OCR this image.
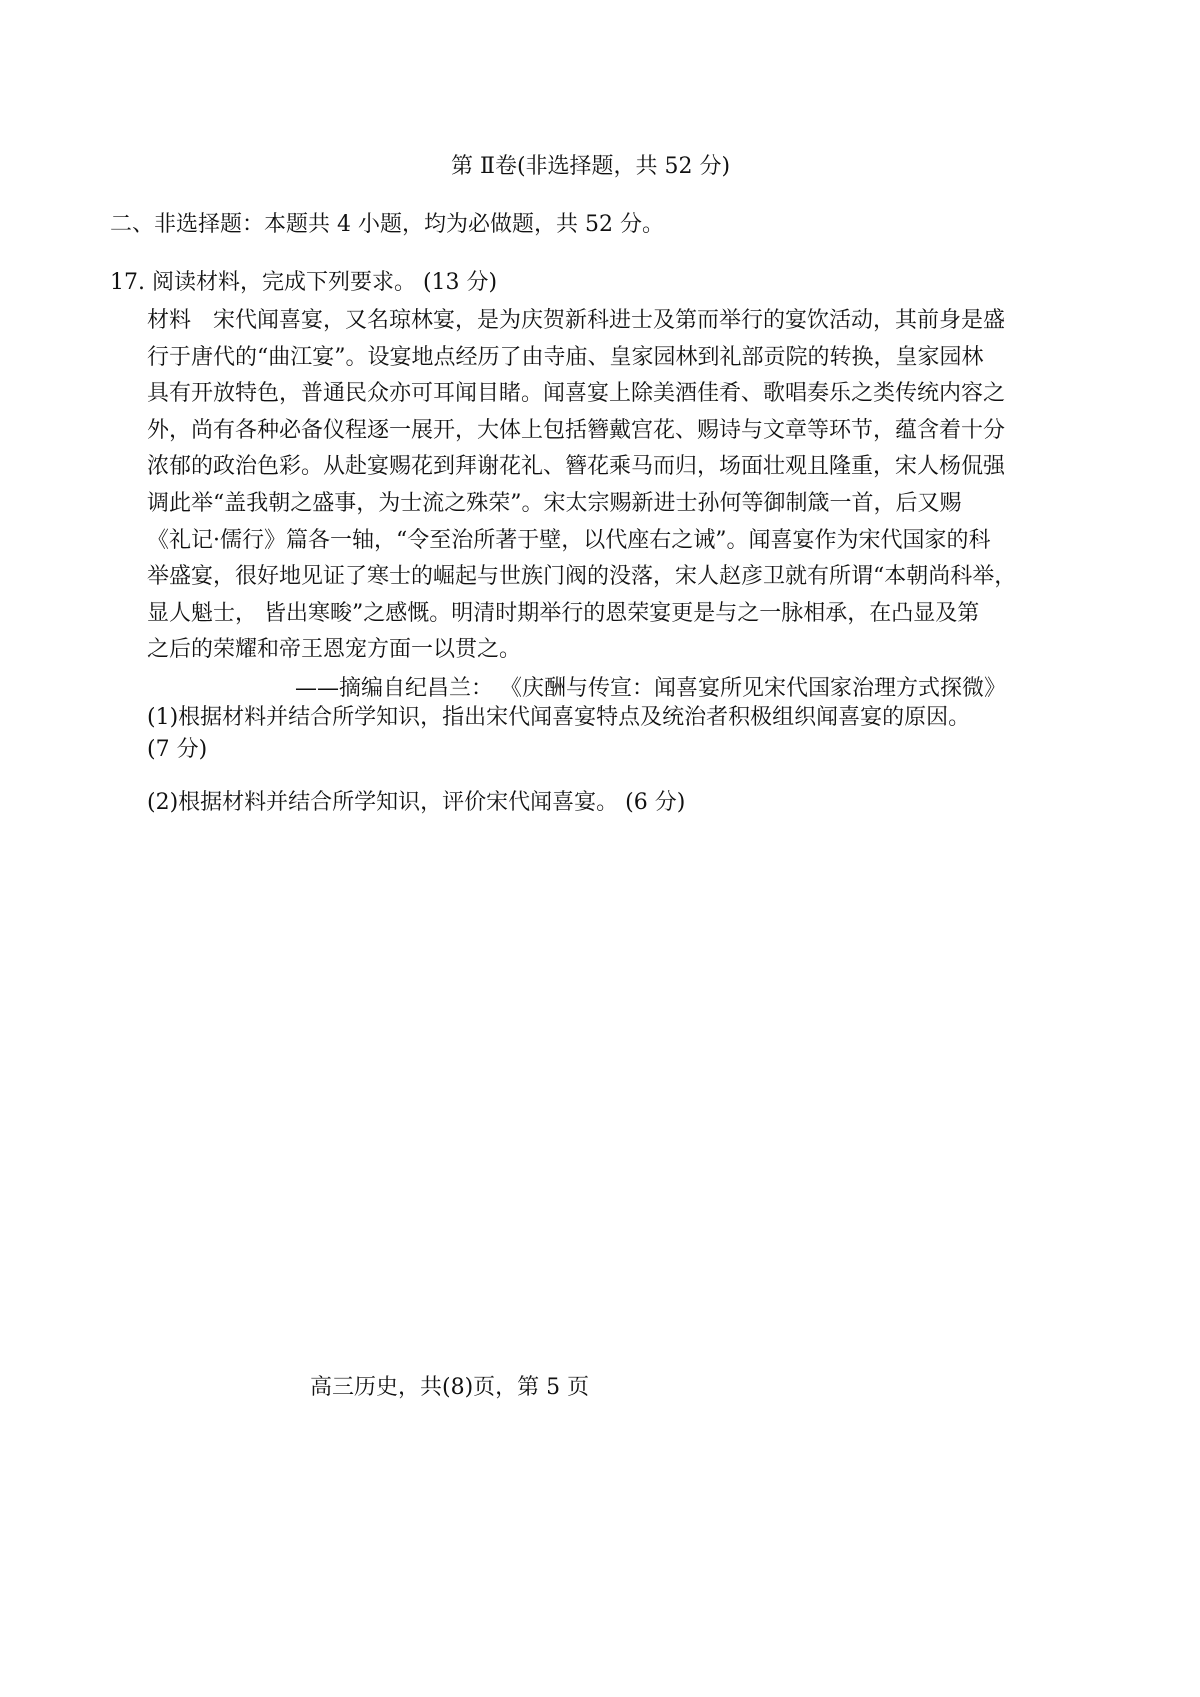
第 Ⅱ卷(非选择题，共 52 分)
二、非选择题：本题共 4 小题，均为必做题，共 52 分。
17. 阅读材料，完成下列要求。 (13 分)

材料　宋代闻喜宴，又名琼林宴，是为庆贺新科进士及第而举行的宴饮活动，其前身是盛

行于唐代的“曲江宴”。设宴地点经历了由寺庙、皇家园林到礼部贡院的转换，皇家园林

具有开放特色，普通民众亦可耳闻目睹。闻喜宴上除美酒佳肴、歌唱奏乐之类传统内容之

外，尚有各种必备仪程逐一展开，大体上包括簪戴宫花、赐诗与文章等环节，蕴含着十分

浓郁的政治色彩。从赴宴赐花到拜谢花礼、簪花乘马而归，场面壮观且隆重，宋人杨侃强

调此举“盖我朝之盛事，为士流之殊荣”。宋太宗赐新进士孙何等御制箴一首，后又赐

《礼记·儒行》篇各一轴，“令至治所著于壁，以代座右之诫”。闻喜宴作为宋代国家的科

举盛宴，很好地见证了寒士的崛起与世族门阀的没落，宋人赵彦卫就有所谓“本朝尚科举，

显人魁士， 皆出寒畯”之感慨。明清时期举行的恩荣宴更是与之一脉相承，在凸显及第

之后的荣耀和帝王恩宠方面一以贯之。

——摘编自纪昌兰： 《庆酬与传宣：闻喜宴所见宋代国家治理方式探微》
(1)根据材料并结合所学知识，指出宋代闻喜宴特点及统治者积极组织闻喜宴的原因。
(7 分)
(2)根据材料并结合所学知识，评价宋代闻喜宴。 (6 分)
高三历史，共(8)页，第 5 页
